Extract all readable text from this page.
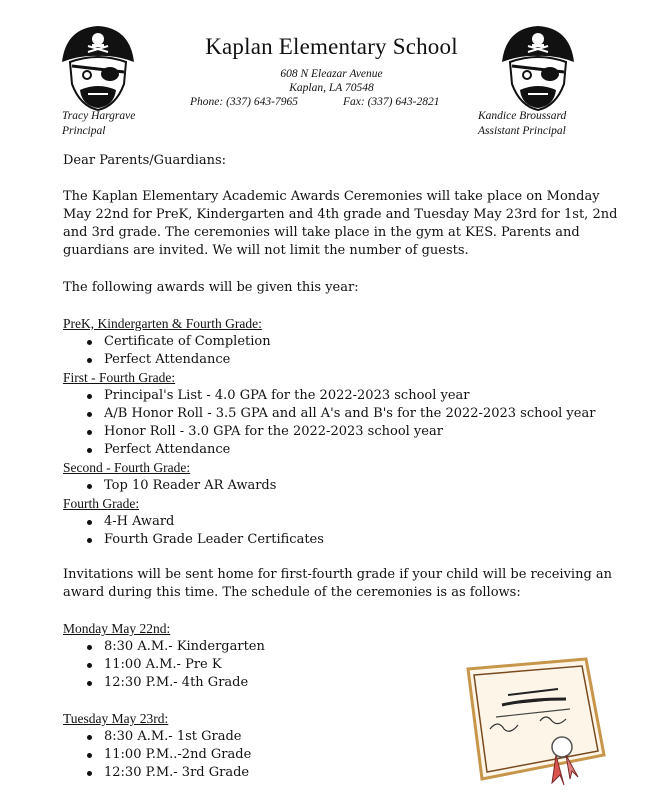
Kaplan Elementary School
608 N Eleazar Avenue
Kaplan, LA 70548
Phone: (337) 643-7965	Fax: (337) 643-2821
Tracy Hargrave
Principal
Kandice Broussard
Assistant Principal

Dear Parents/Guardians:

The Kaplan Elementary Academic Awards Ceremonies will take place on Monday May 22nd for PreK, Kindergarten and 4th grade and Tuesday May 23rd for 1st, 2nd and 3rd grade. The ceremonies will take place in the gym at KES. Parents and guardians are invited. We will not limit the number of guests.

The following awards will be given this year:

PreK, Kindergarten & Fourth Grade:
Certificate of Completion
Perfect Attendance
First - Fourth Grade:
Principal's List - 4.0 GPA for the 2022-2023 school year
A/B Honor Roll - 3.5 GPA and all A's and B's for the 2022-2023 school year
Honor Roll - 3.0 GPA for the 2022-2023 school year
Perfect Attendance
Second - Fourth Grade:
Top 10 Reader AR Awards
Fourth Grade:
4-H Award
Fourth Grade Leader Certificates

Invitations will be sent home for first-fourth grade if your child will be receiving an award during this time. The schedule of the ceremonies is as follows:

Monday May 22nd:
8:30 A.M.- Kindergarten
11:00 A.M.- Pre K
12:30 P.M.- 4th Grade
Tuesday May 23rd:
8:30 A.M.- 1st Grade
11:00 P.M..-2nd Grade
12:30 P.M.- 3rd Grade
